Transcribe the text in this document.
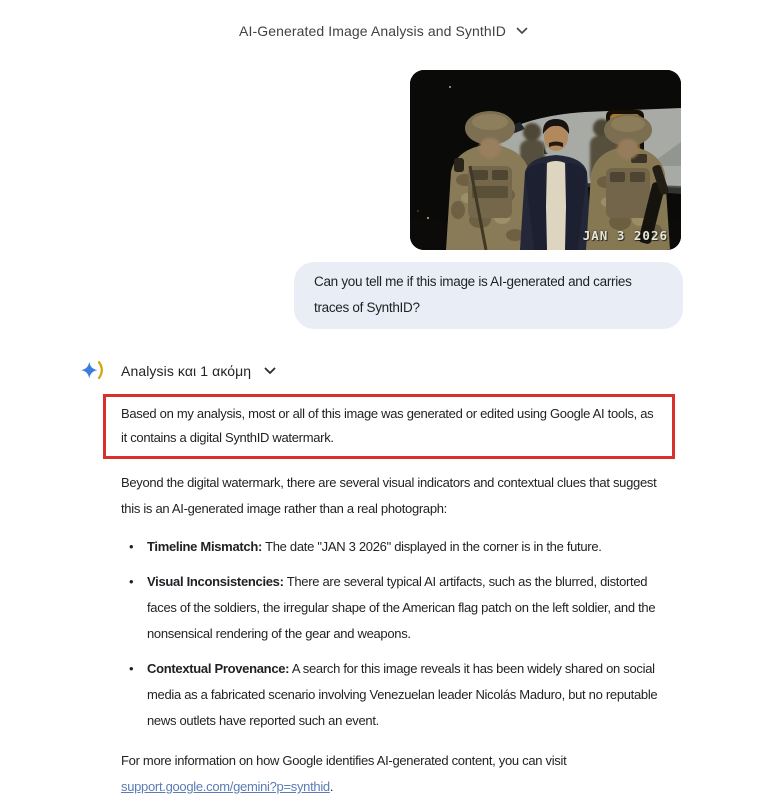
AI-Generated Image Analysis and SynthID
JAN 3 2026
Can you tell me if this image is AI-generated and carries traces of SynthID?
Analysis και 1 ακόμη
Based on my analysis, most or all of this image was generated or edited using Google AI tools, as it contains a digital SynthID watermark.

Beyond the digital watermark, there are several visual indicators and contextual clues that suggest this is an AI-generated image rather than a real photograph:

• Timeline Mismatch: The date "JAN 3 2026" displayed in the corner is in the future.
• Visual Inconsistencies: There are several typical AI artifacts, such as the blurred, distorted faces of the soldiers, the irregular shape of the American flag patch on the left soldier, and the nonsensical rendering of the gear and weapons.
• Contextual Provenance: A search for this image reveals it has been widely shared on social media as a fabricated scenario involving Venezuelan leader Nicolás Maduro, but no reputable news outlets have reported such an event.

For more information on how Google identifies AI-generated content, you can visit support.google.com/gemini?p=synthid.
